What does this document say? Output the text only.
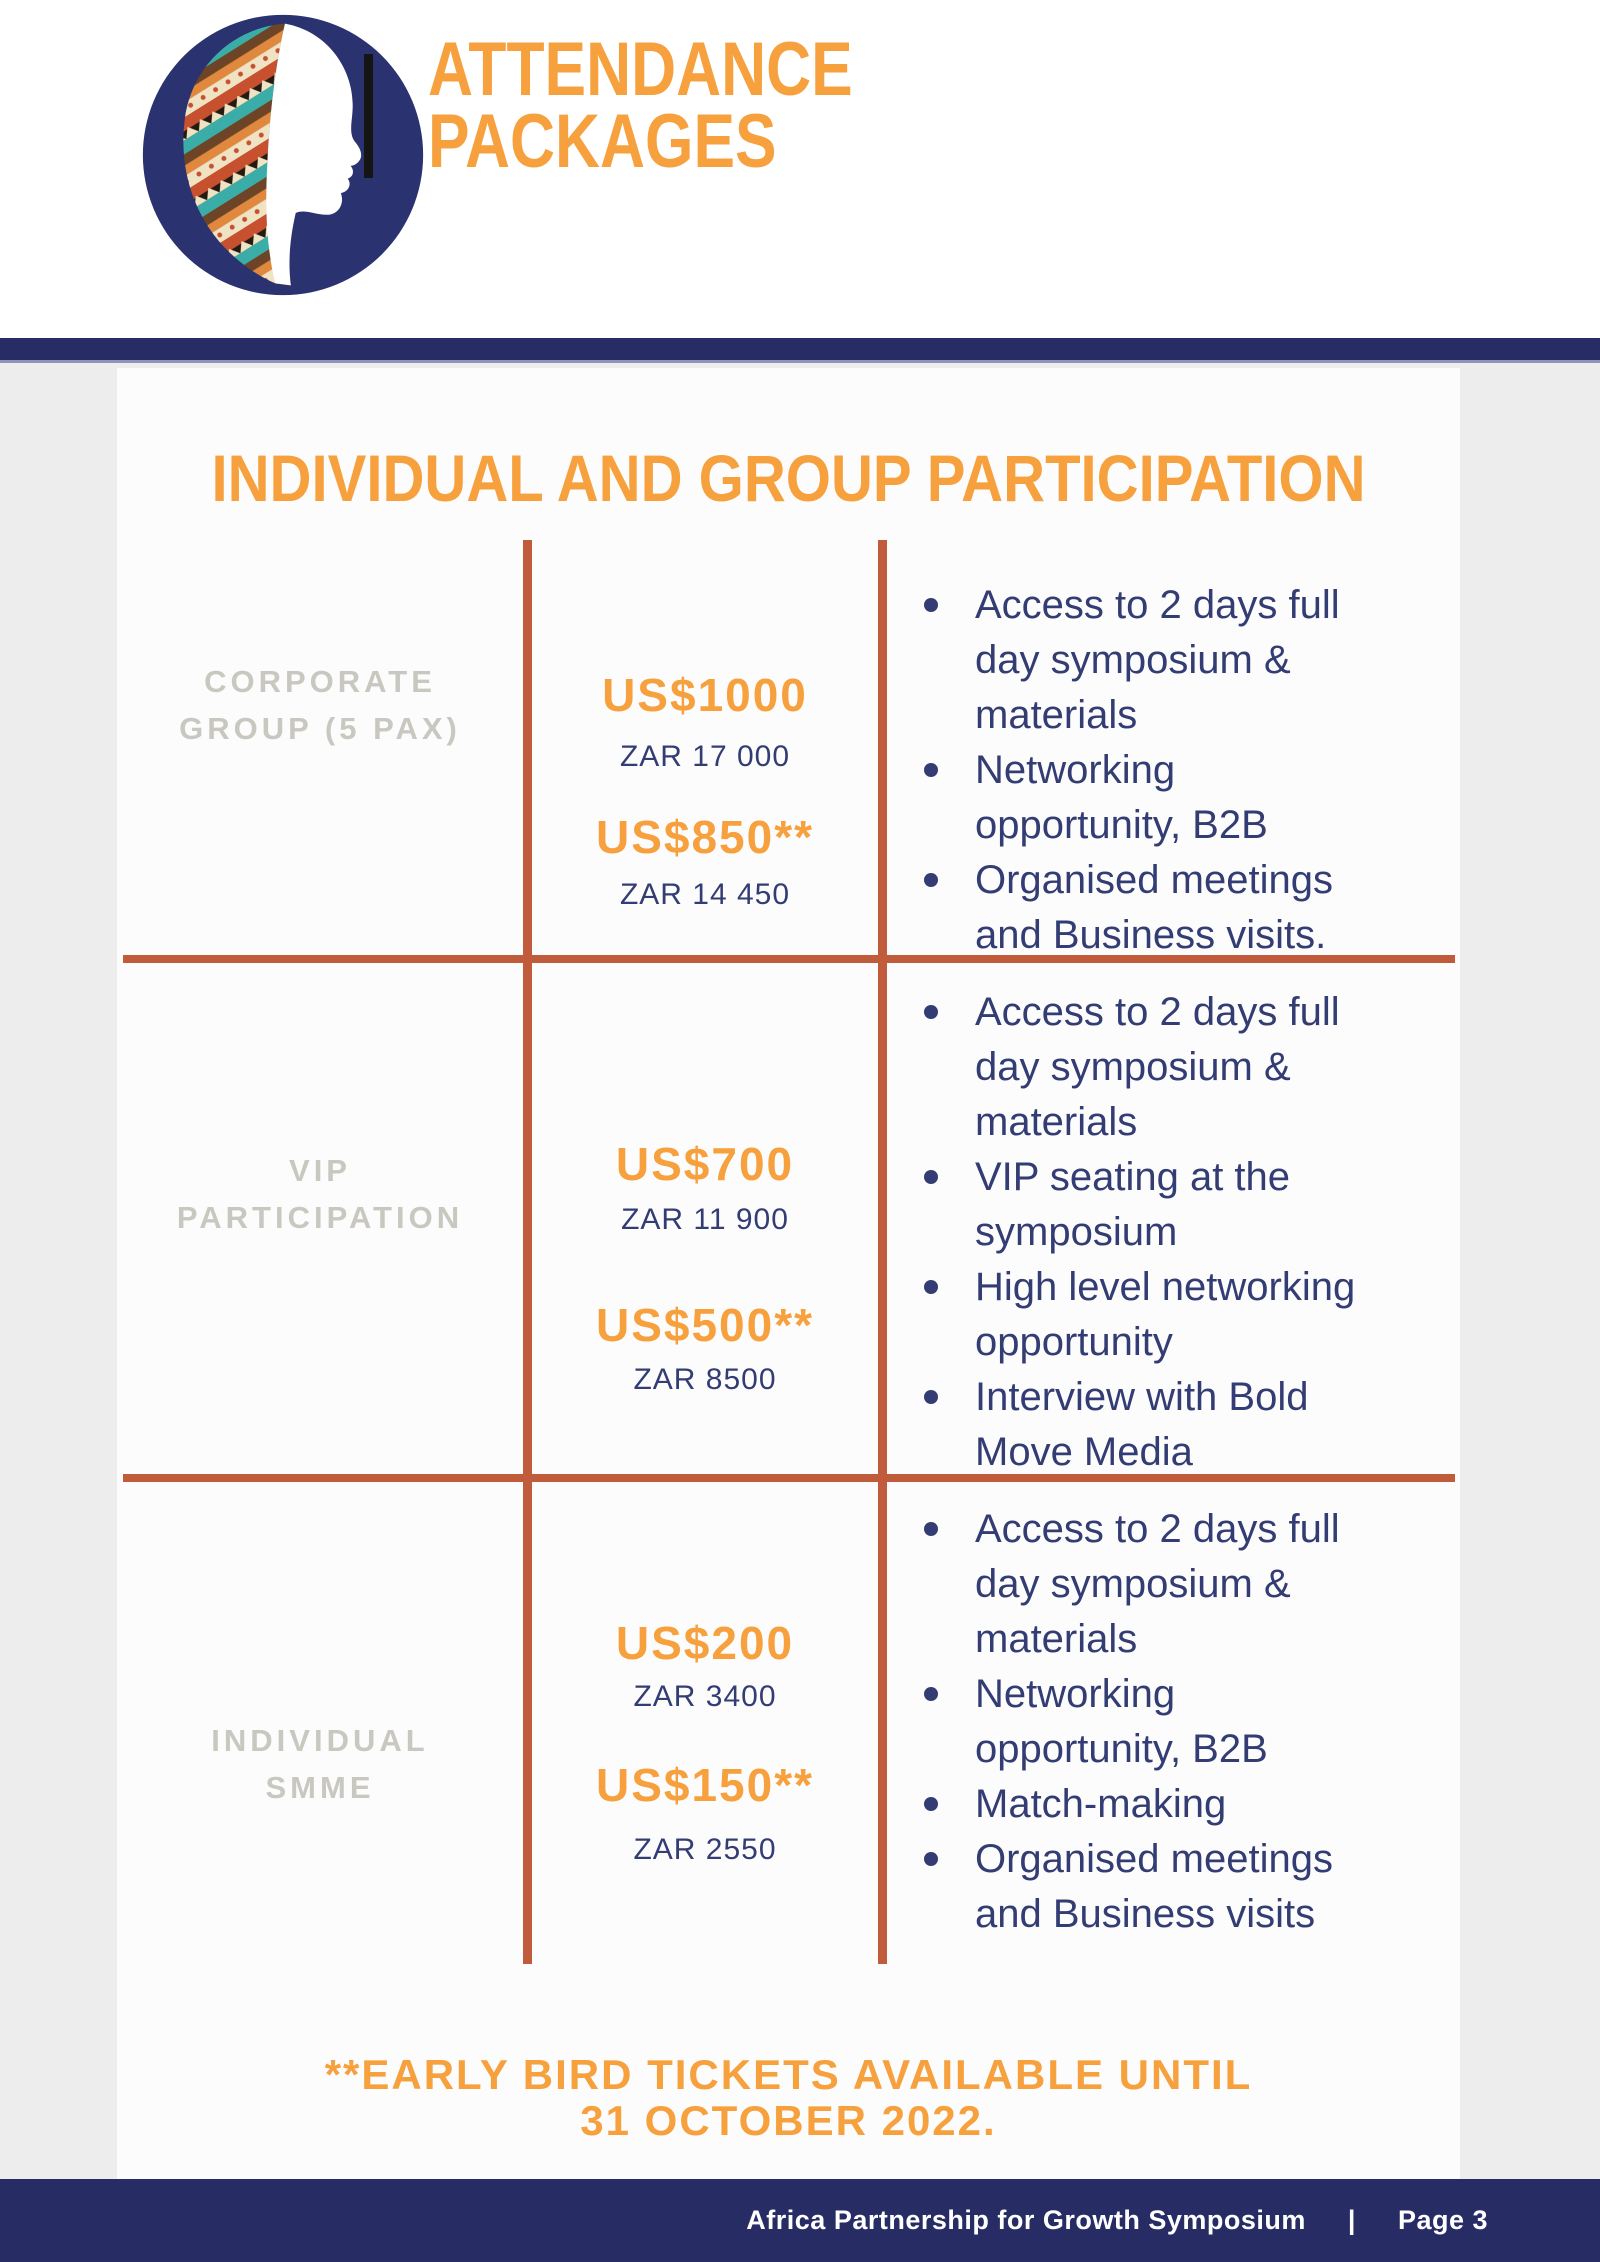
ATTENDANCE
PACKAGES
INDIVIDUAL AND GROUP PARTICIPATION
CORPORATE GROUP (5 PAX)
US$1000
ZAR 17 000
US$850**
ZAR 14 450
Access to 2 days full day symposium & materials
Networking opportunity, B2B
Organised meetings and Business visits.
VIP PARTICIPATION
US$700
ZAR 11 900
US$500**
ZAR 8500
Access to 2 days full day symposium & materials
VIP seating at the symposium
High level networking opportunity
Interview with Bold Move Media
INDIVIDUAL SMME
US$200
ZAR 3400
US$150**
ZAR 2550
Access to 2 days full day symposium & materials
Networking opportunity, B2B
Match-making
Organised meetings and Business visits
**EARLY BIRD TICKETS AVAILABLE UNTIL
31 OCTOBER 2022.
Africa Partnership for Growth Symposium | Page 3
